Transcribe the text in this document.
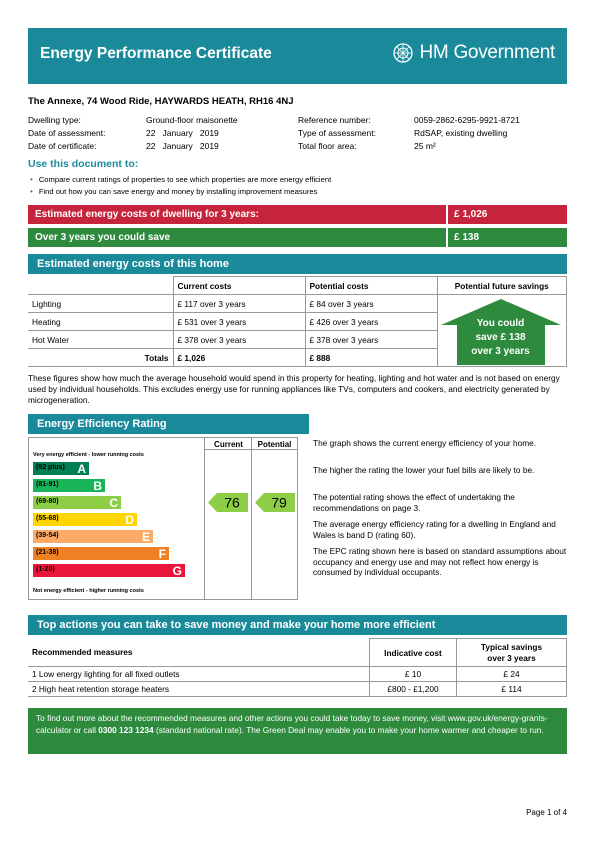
Energy Performance Certificate	HM Government
The Annexe, 74 Wood Ride, HAYWARDS HEATH, RH16 4NJ
Dwelling type:	Ground-floor maisonette
Date of assessment:	22   January   2019
Date of certificate:	22   January   2019
Reference number:	0059-2862-6295-9921-8721
Type of assessment:	RdSAP, existing dwelling
Total floor area:	25 m²
Use this document to:
• Compare current ratings of properties to see which properties are more energy efficient
• Find out how you can save energy and money by installing improvement measures
Estimated energy costs of dwelling for 3 years:	£ 1,026
Over 3 years you could save	£ 138
Estimated energy costs of this home
	Current costs	Potential costs	Potential future savings
Lighting	£ 117 over 3 years	£ 84 over 3 years	You could
save £ 138
over 3 years

Heating	£ 531 over 3 years	£ 426 over 3 years	
Hot Water	£ 378 over 3 years	£ 378 over 3 years	
Totals	£ 1,026	£ 888	
These figures show how much the average household would spend in this property for heating, lighting and hot water and is not based on energy used by individual households. This excludes energy use for running appliances like TVs, computers and cookers, and electricity generated by microgeneration.
Energy Efficiency Rating
Current	Potential
Very energy efficient - lower running costs
(92 plus) A
(81-91)	B
(69-80)	C
(55-68)	D
(39-54)	E
(21-38)	F
(1-20)	G
Not energy efficient - higher running costs
76 79
The graph shows the current energy efficiency of your home.
The higher the rating the lower your fuel bills are likely to be.
The potential rating shows the effect of undertaking the recommendations on page 3.
The average energy efficiency rating for a dwelling in England and Wales is band D (rating 60).
The EPC rating shown here is based on standard assumptions about occupancy and energy use and may not reflect how energy is consumed by individual occupants.
Top actions you can take to save money and make your home more efficient
Recommended measures	Indicative cost	Typical savings
over 3 years

1 Low energy lighting for all fixed outlets	£ 10	£ 24
2 High heat retention storage heaters	£800 - £1,200	£ 114
To find out more about the recommended measures and other actions you could take today to save money, visit www.gov.uk/energy-grants-calculator or call 0300 123 1234 (standard national rate). The Green Deal may enable you to make your home warmer and cheaper to run.
Page 1 of 4
